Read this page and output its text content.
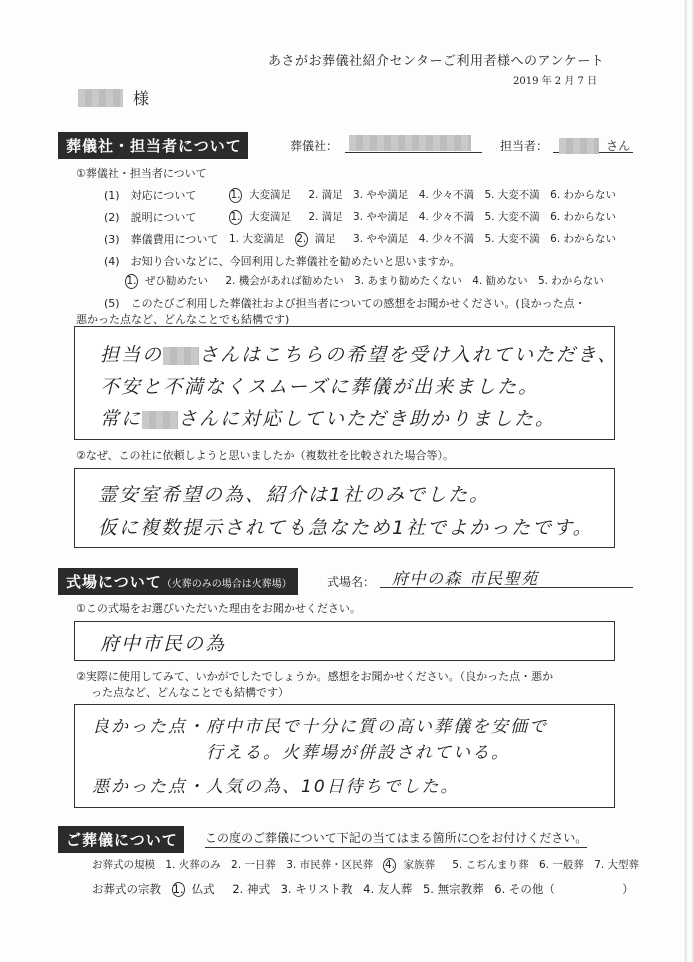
あさがお葬儀社紹介センターご利用者様へのアンケート
2019 年 2 月 7 日
様
葬儀社・担当者について	葬儀社：	担当者：	さん
①葬儀社・担当者について
(1)　対応について	1. 大変満足 2. 満足 3. やや満足 4. 少々不満 5. 大変不満 6. わからない
(2)　説明について	1. 大変満足 2. 満足 3. やや満足 4. 少々不満 5. 大変不満 6. わからない
(3)　葬儀費用について 1. 大変満足 2. 満足 3. やや満足 4. 少々不満 5. 大変不満 6. わからない
(4)　お知り合いなどに、今回利用した葬儀社を勧めたいと思いますか。
1. ぜひ勧めたい 2. 機会があれば勧めたい 3. あまり勧めたくない 4. 勧めない 5. わからない
(5)　このたびご利用した葬儀社および担当者についての感想をお聞かせください。(良かった点・
悪かった点など、どんなことでも結構です)
担当の さんはこちらの希望を受け入れていただき、
不安と不満なくスムーズに葬儀が出来ました。
常に さんに対応していただき助かりました。
②なぜ、この社に依頼しようと思いましたか（複数社を比較された場合等）。
霊安室希望の為、紹介は1社のみでした。
仮に複数提示されても急なため1社でよかったです。
式場について（火葬のみの場合は火葬場）	式場名：	府中の森 市民聖苑
①この式場をお選びいただいた理由をお聞かせください。
府中市民の為
②実際に使用してみて、いかがでしたでしょうか。感想をお聞かせください。（良かった点・悪か
った点など、どんなことでも結構です）
良かった点・府中市民で十分に質の高い葬儀を安価で
行える。火葬場が併設されている。
悪かった点・人気の為、10日待ちでした。
ご葬儀について	この度のご葬儀について下記の当てはまる箇所に○をお付けください。
お葬式の規模 1. 火葬のみ 2. 一日葬 3. 市民葬・区民葬 4. 家族葬 5. こぢんまり葬 6. 一般葬 7. 大型葬
お葬式の宗教 1. 仏式 2. 神式 3. キリスト教 4. 友人葬 5. 無宗教葬 6. その他（	）
